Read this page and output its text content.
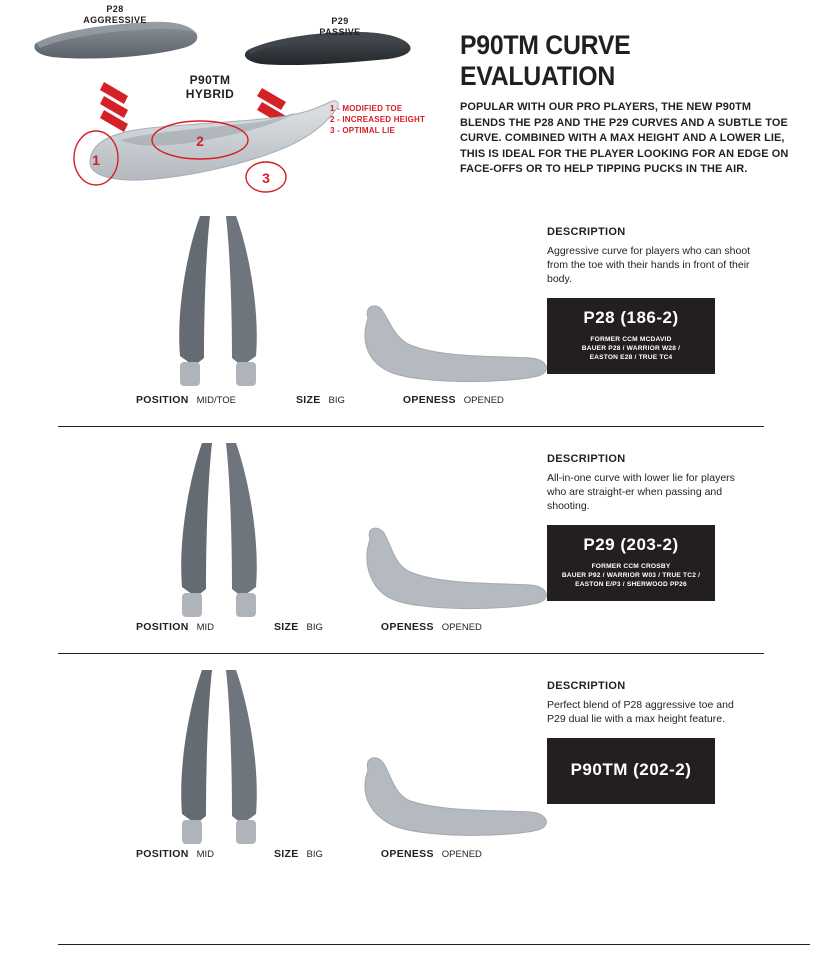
1
2
3
P28
AGGRESSIVE	P29
PASSIVE
P90TM
HYBRID
1 - MODIFIED TOE
2 - INCREASED HEIGHT
3 - OPTIMAL LIE
P90TM CURVE EVALUATION

POPULAR WITH OUR PRO PLAYERS, THE NEW P90TM BLENDS THE P28 AND THE P29 CURVES AND A SUBTLE TOE CURVE. COMBINED WITH A MAX HEIGHT AND A LOWER LIE, THIS IS IDEAL FOR THE PLAYER LOOKING FOR AN EDGE ON FACE-OFFS OR TO HELP TIPPING PUCKS IN THE AIR.

POSITION MID/TOE	SIZE BIG	OPENESS OPENED
DESCRIPTION

Aggressive curve for players who can shoot from the toe with their hands in front of their body.

P28 (186-2)
FORMER CCM MCDAVID
BAUER P28 / WARRIOR W28 /
EASTON E28 / TRUE TC4
POSITION MID	SIZE BIG	OPENESS OPENED
DESCRIPTION

All-in-one curve with lower lie for players who are straight-er when passing and shooting.

P29 (203-2)
FORMER CCM CROSBY
BAUER P92 / WARRIOR W03 / TRUE TC2 /
EASTON E/P3 / SHERWOOD PP26
POSITION MID	SIZE BIG	OPENESS OPENED
DESCRIPTION

Perfect blend of P28 aggressive toe and P29 dual lie with a max height feature.

P90TM (202-2)
